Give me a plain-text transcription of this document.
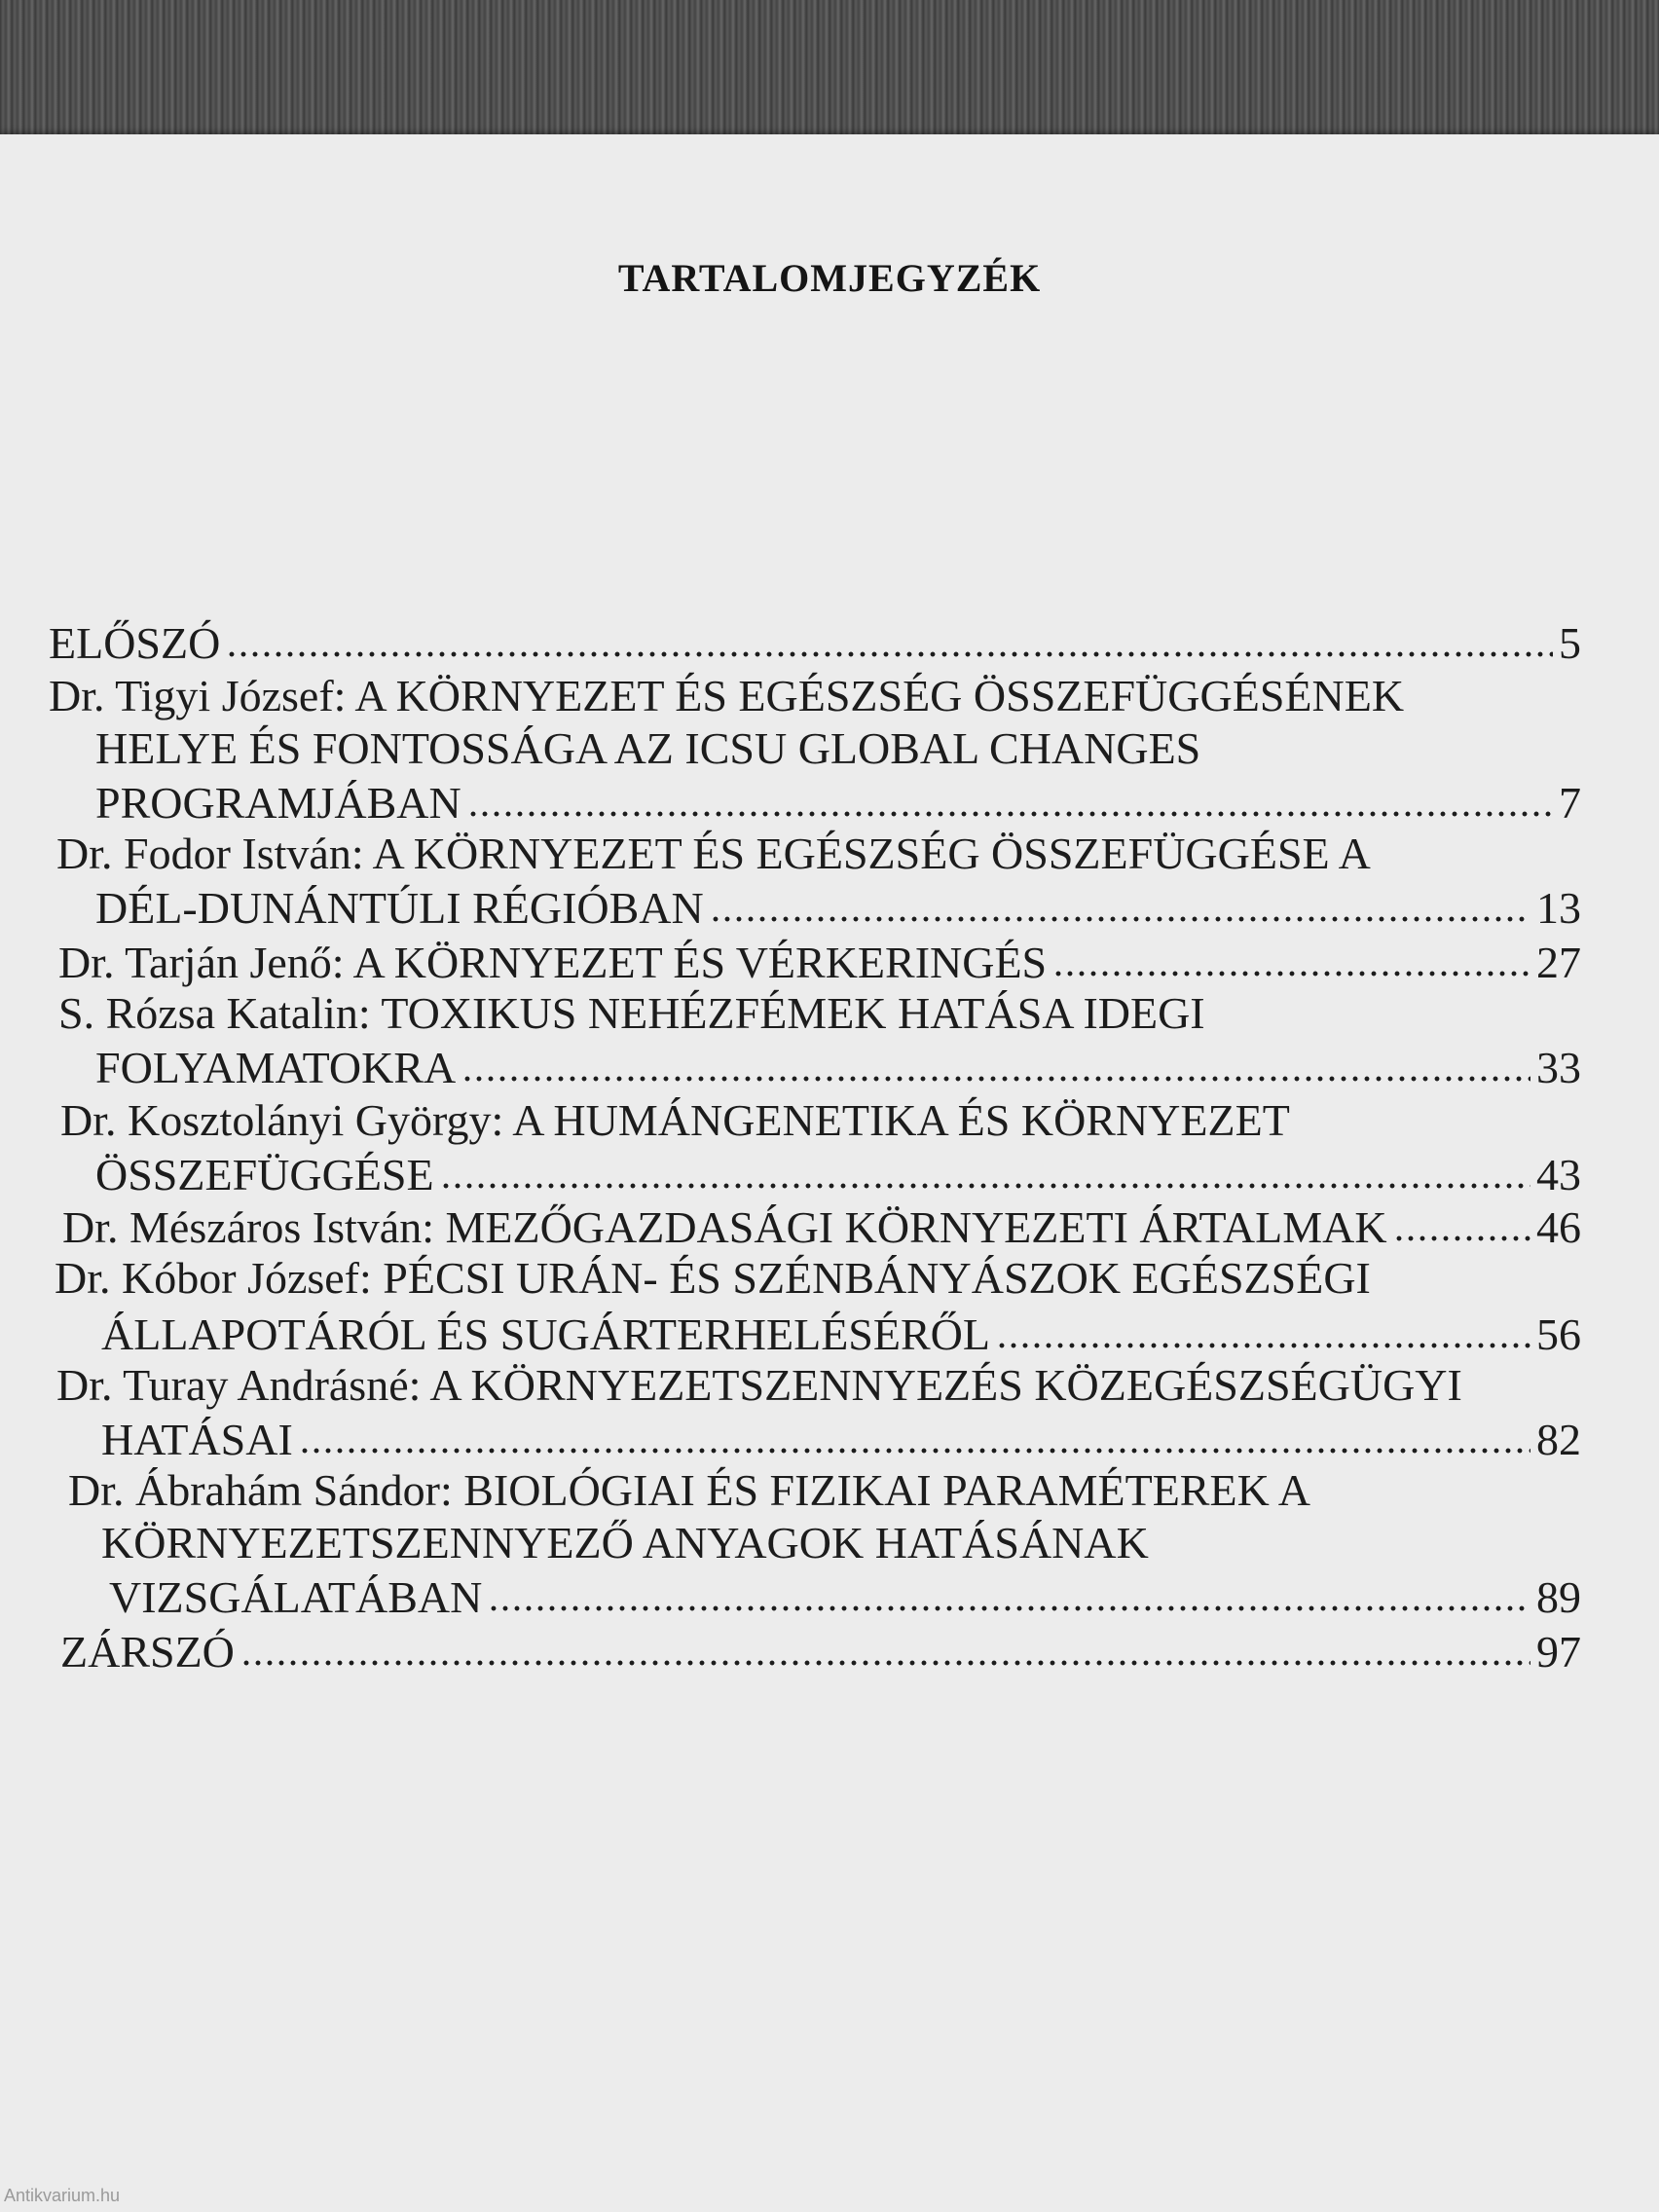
TARTALOMJEGYZÉK
ELŐSZÓ	5
Dr. Tigyi József: A KÖRNYEZET ÉS EGÉSZSÉG ÖSSZEFÜGGÉSÉNEK
HELYE ÉS FONTOSSÁGA AZ ICSU GLOBAL CHANGES
PROGRAMJÁBAN	7
Dr. Fodor István: A KÖRNYEZET ÉS EGÉSZSÉG ÖSSZEFÜGGÉSE A
DÉL-DUNÁNTÚLI RÉGIÓBAN	13
Dr. Tarján Jenő: A KÖRNYEZET ÉS VÉRKERINGÉS	27
S. Rózsa Katalin: TOXIKUS NEHÉZFÉMEK HATÁSA IDEGI
FOLYAMATOKRA	33
Dr. Kosztolányi György: A HUMÁNGENETIKA ÉS KÖRNYEZET
ÖSSZEFÜGGÉSE	43
Dr. Mészáros István: MEZŐGAZDASÁGI KÖRNYEZETI ÁRTALMAK	46
Dr. Kóbor József: PÉCSI URÁN- ÉS SZÉNBÁNYÁSZOK EGÉSZSÉGI
ÁLLAPOTÁRÓL ÉS SUGÁRTERHELÉSÉRŐL	56
Dr. Turay Andrásné: A KÖRNYEZETSZENNYEZÉS KÖZEGÉSZSÉGÜGYI
HATÁSAI	82
Dr. Ábrahám Sándor: BIOLÓGIAI ÉS FIZIKAI PARAMÉTEREK A
KÖRNYEZETSZENNYEZŐ ANYAGOK HATÁSÁNAK
VIZSGÁLATÁBAN	89
ZÁRSZÓ	97
Antikvarium.hu
